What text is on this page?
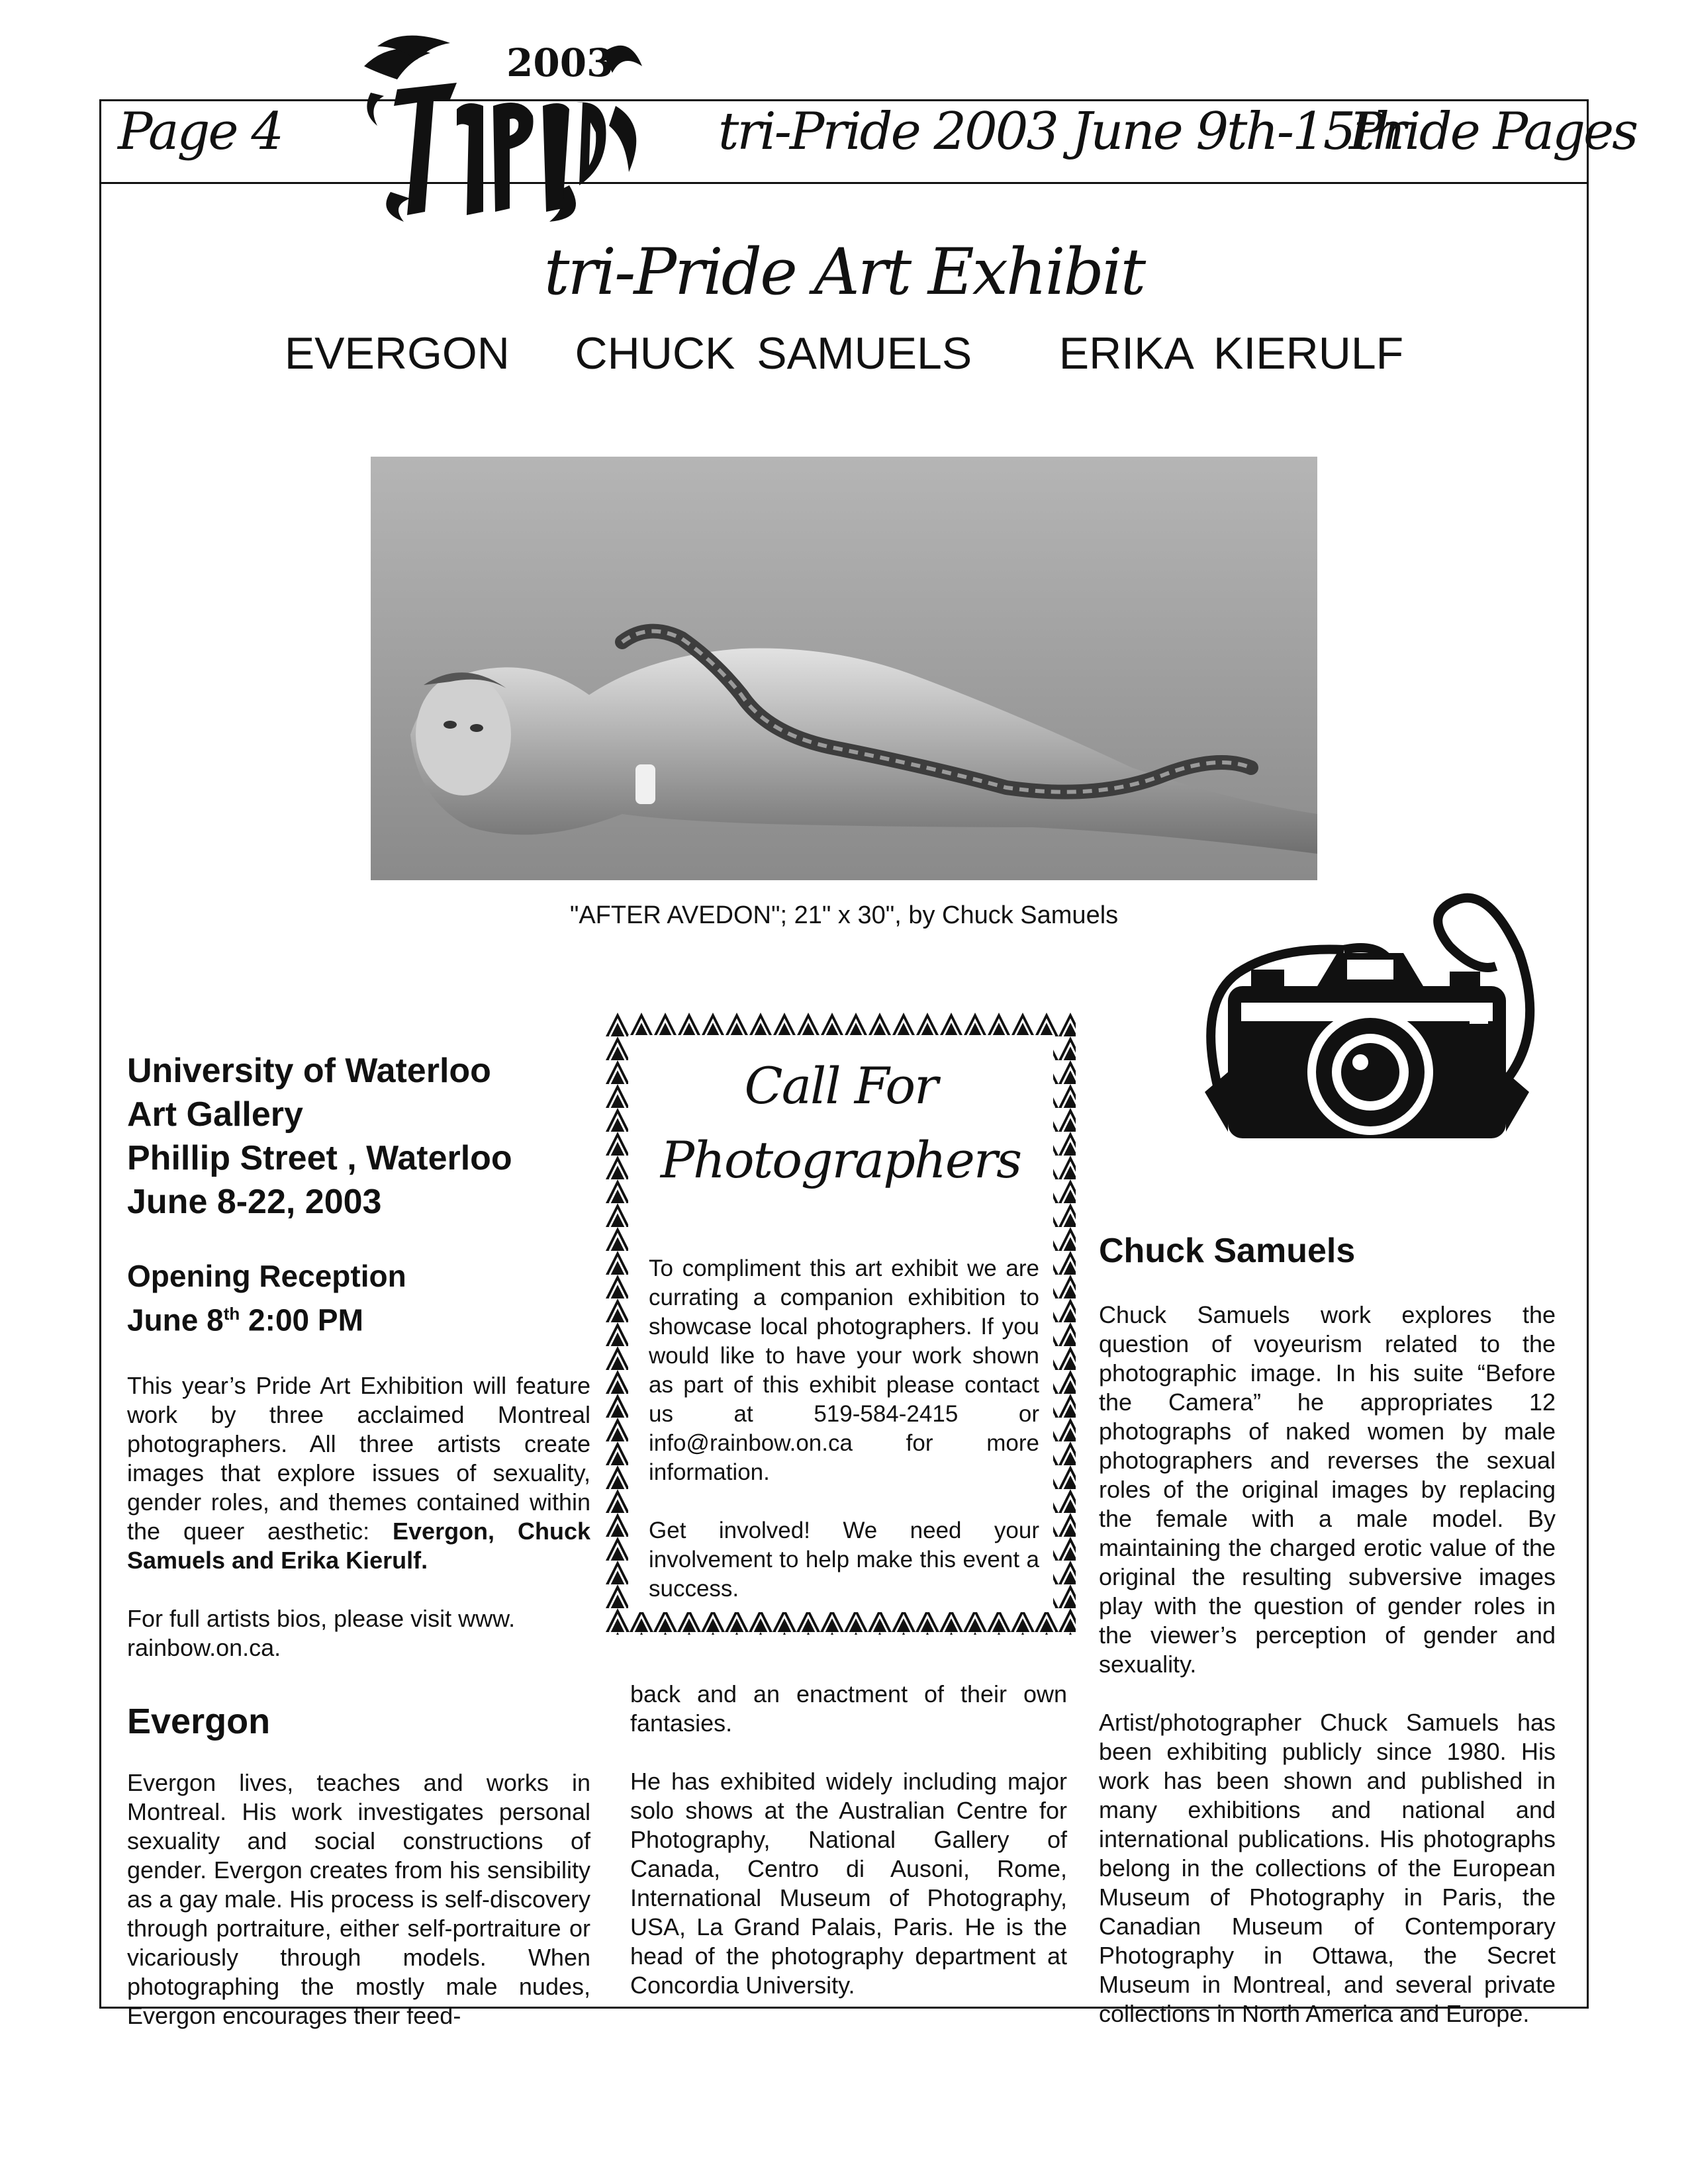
Page 4
2003
tri-Pride 2003 June 9th-15th
Pride Pages
tri-Pride Art Exhibit
EVERGON   CHUCK SAMUELS    ERIKA KIERULF
"AFTER AVEDON"; 21" x 30", by Chuck Samuels
University of Waterloo
Art Gallery
Phillip Street , Waterloo
June 8-22, 2003
Opening Reception
June 8th 2:00 PM

This year’s Pride Art Exhibition will feature work by three acclaimed Montreal photographers. All three artists create images that explore issues of sexuality, gender roles, and themes contained within the queer aesthetic: Evergon, Chuck Samuels and Erika Kierulf.

For full artists bios, please visit www. rainbow.on.ca.

Evergon

Evergon lives, teaches and works in Montreal. His work investigates personal sexuality and social constructions of gender. Evergon creates from his sensibility as a gay male. His process is self-discovery through portraiture, either self-portraiture or vicariously through models. When photographing the mostly male nudes, Evergon encourages their feed-

Call For
Photographers

To compliment this art exhibit we are currating a companion exhibition to showcase local photographers. If you would like to have your work shown as part of this exhibit please contact us at 519-584-2415 or info@rainbow.on.ca for more information.

Get involved! We need your involvement to help make this event a success.

back and an enactment of their own fantasies.

He has exhibited widely including major solo shows at the Australian Centre for Photography, National Gallery of Canada, Centro di Ausoni, Rome, International Museum of Photography, USA, La Grand Palais, Paris. He is the head of the photography department at Concordia University.

Chuck Samuels

Chuck Samuels work explores the question of voyeurism related to the photographic image. In his suite “Before the Camera” he appropriates 12 photographs of naked women by male photographers and reverses the sexual roles of the original images by replacing the female with a male model. By maintaining the charged erotic value of the original the resulting subversive images play with the question of gender roles in the viewer’s perception of gender and sexuality.

Artist/photographer Chuck Samuels has been exhibiting publicly since 1980. His work has been shown and published in many exhibitions and national and international publications. His photographs belong in the collections of the European Museum of Photography in Paris, the Canadian Museum of Contemporary Photography in Ottawa, the Secret Museum in Montreal, and several private collections in North America and Europe.
